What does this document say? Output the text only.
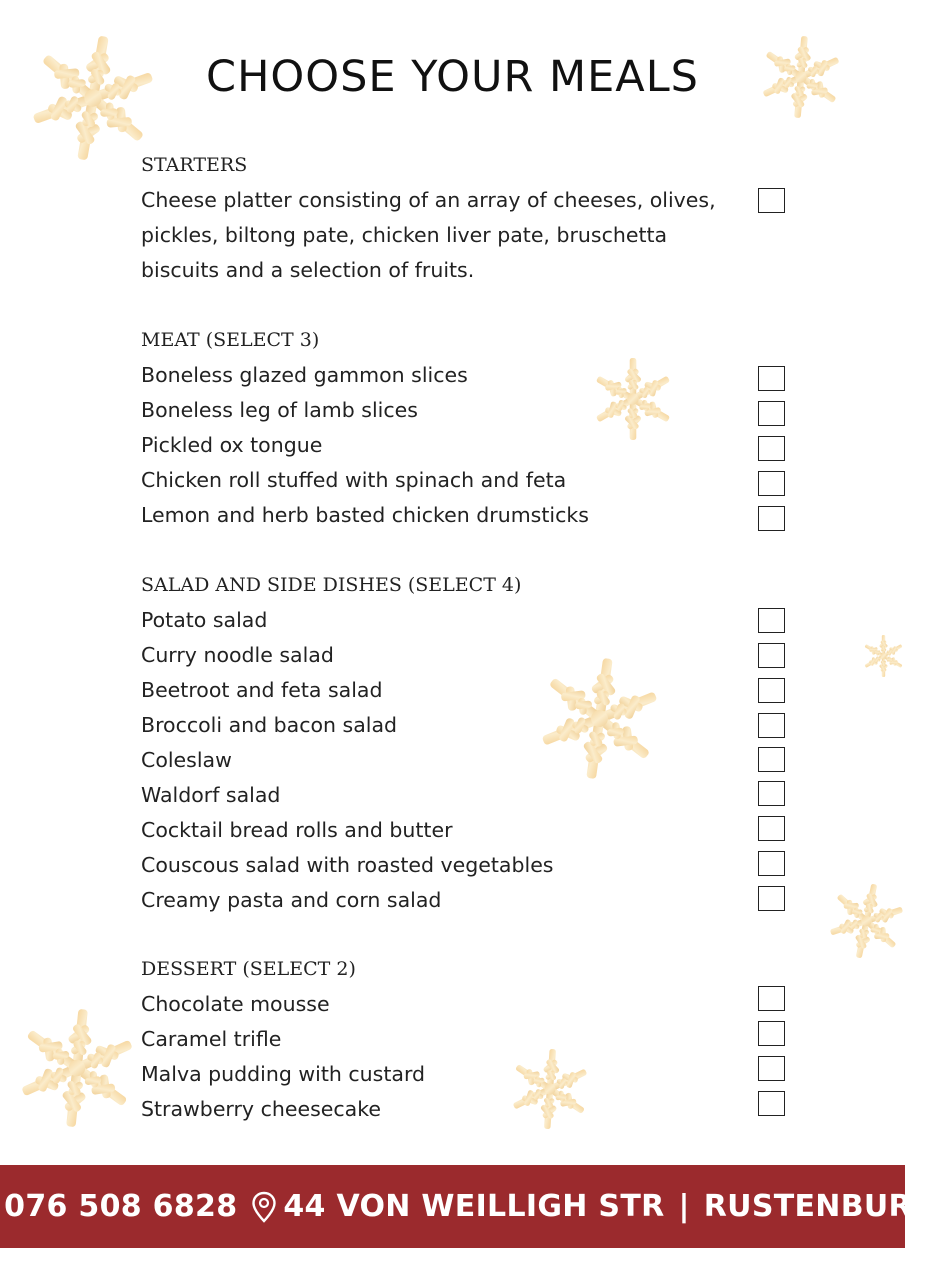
CHOOSE YOUR MEALS
STARTERS

Cheese platter consisting of an array of cheeses, olives, pickles, biltong pate, chicken liver pate, bruschetta biscuits and a selection of fruits.

MEAT (SELECT 3)

Boneless glazed gammon slices

Boneless leg of lamb slices

Pickled ox tongue

Chicken roll stuffed with spinach and feta

Lemon and herb basted chicken drumsticks

SALAD AND SIDE DISHES (SELECT 4)

Potato salad

Curry noodle salad

Beetroot and feta salad

Broccoli and bacon salad

Coleslaw

Waldorf salad

Cocktail bread rolls and butter

Couscous salad with roasted vegetables

Creamy pasta and corn salad

DESSERT (SELECT 2)

Chocolate mousse

Caramel trifle

Malva pudding with custard

Strawberry cheesecake

076 508 6828 44 VON WEILLIGH STR | RUSTENBURG
